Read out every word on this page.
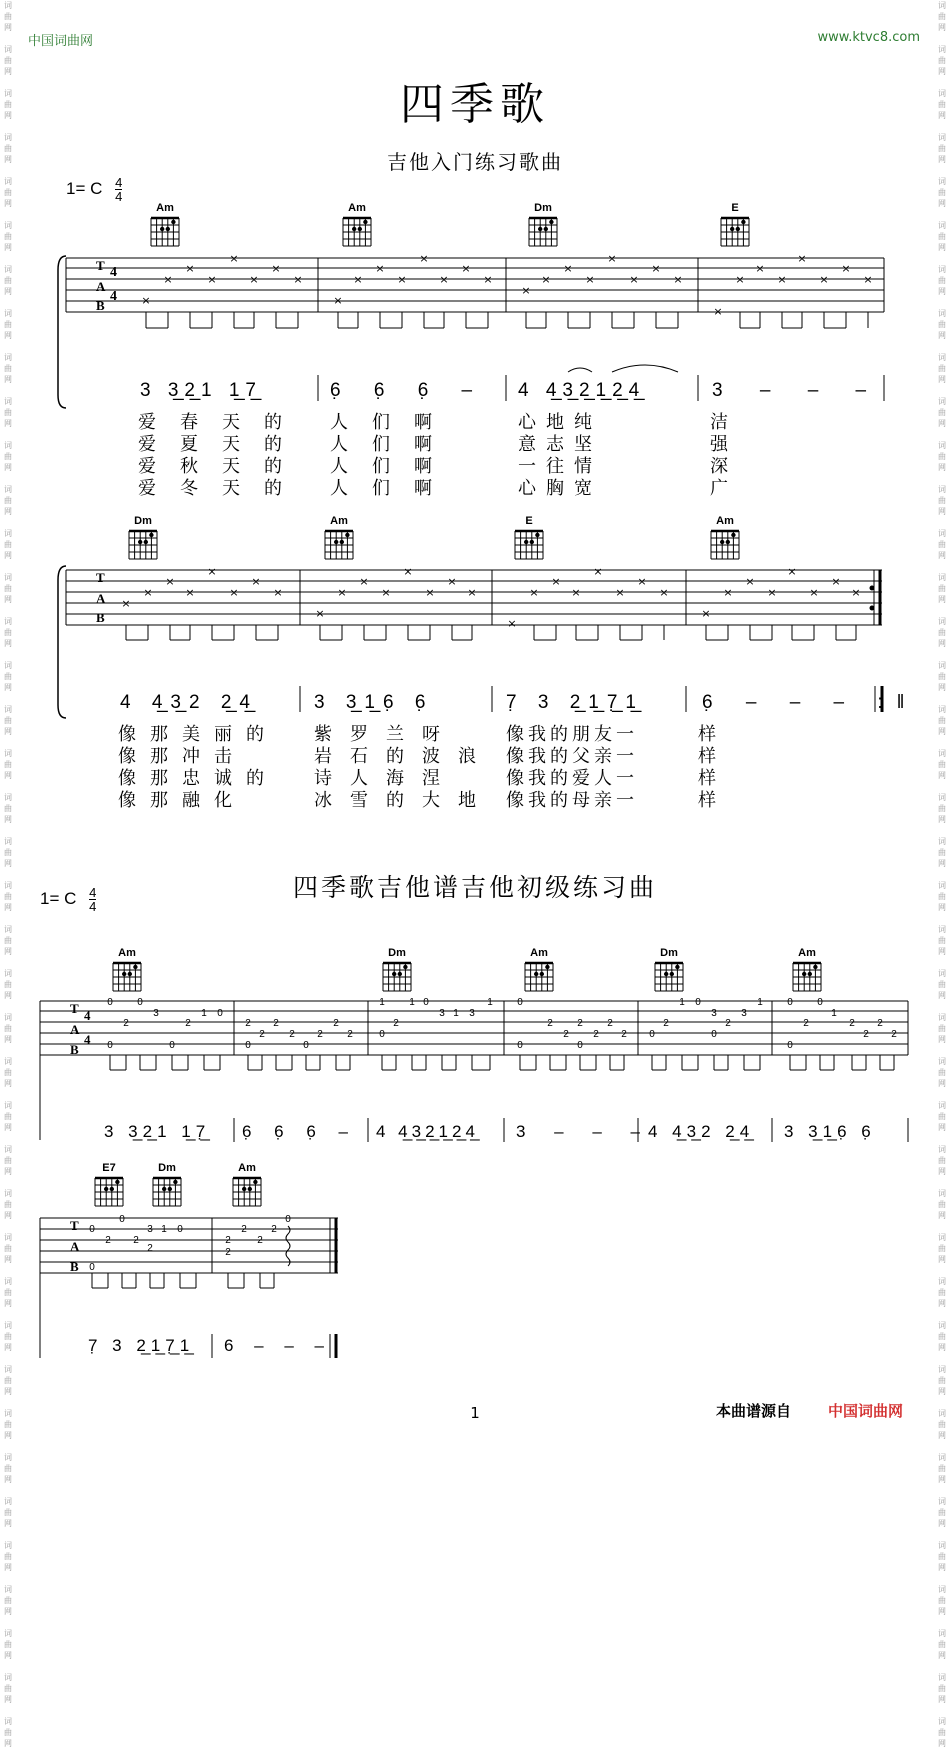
词
曲
网

词
曲
网

词
曲
网

词
曲
网

词
曲
网

词
曲
网

词
曲
网

词
曲
网

词
曲
网

词
曲
网

词
曲
网

词
曲
网

词
曲
网

词
曲
网

词
曲
网

词
曲
网

词
曲
网

词
曲
网

词
曲
网

词
曲
网

词
曲
网

词
曲
网

词
曲
网

词
曲
网

词
曲
网

词
曲
网

词
曲
网

词
曲
网

词
曲
网

词
曲
网

词
曲
网

词
曲
网

词
曲
网

词
曲
网

词
曲
网

词
曲
网

词
曲
网

词
曲
网

词
曲
网

词
曲
网

词
曲
网

词
曲
网

词
曲
网

词
曲
网

词
曲
网

词
曲
网

词
曲
网

词
曲
网

词
曲
网

词
曲
网

词
曲
网

词
曲
网

词
曲
网

词
曲
网

词
曲
网

词
曲
网

词
曲
网

词
曲
网

词
曲
网

词
曲
网

词
曲
网

词
曲
网

词
曲
网

词
曲
网

词
曲
网

词
曲
网

词
曲
网

词
曲
网

词
曲
网

词
曲
网

词
曲
网

词
曲
网

词
曲
网

词
曲
网

词
曲
网

词
曲
网

词
曲
网

词
曲
网

词
曲
网

词
曲
网

中国词曲网	www.ktvc8.com
四季歌
吉他入门练习歌曲
1= C $\frac{4}{4}$
T
A
B
4
4
T
A
B
T
A
B
4
4
T
A
B
×
×
×
×
×
×
×
×
×
×
×
×
×
×
×
×
×
×
×
×
×
×
×
×
×
×
×
×
×
×
×
×
×
×
×
×
×
×
×
×
×
×
×
×
×
×
×
×
×
×
×
×
×
×
×
×
×
×
×
×
×
×
×
×
0 0
2
3
0
2
1 0
0
2
2
2
2
0	0
2
2
2
1
2
1 0
0
3 1 3
1 0
2
2
2
2
0
2
2
0
0
2
1 0
3
2
3
1
0
0
2
0
1
0
2
2
2
2
0
2
0
2
0
3 1 0
2
2
2
2
2
2
0
Am	Am	Dm	E
Dm	Am	E	Am
Am	Dm	Am	Dm	Am
E7	Dm	Am
3 3̲2̲1 1̲7̲	6̣ 6̣ 6̣ – 4 4̲3̲2̲1̲2̲4̲	3 – – –
爱春天的 人们啊	心地纯	洁
爱夏天的 人们啊	意志坚	强
爱秋天的 人们啊	一往情	深
爱冬天的 人们啊	心胸宽	广
4 4̲3̲2 2̲4̲	3 3̲1̲6̣ 6̣	7̣ 3 2̲1̲7̣̲1̲	6̣ – – – :‖
像那美丽的 紫罗兰呀	像我的朋友一	样
像那冲击	岩石的波浪 像我的父亲一	样
像那忠诚的 诗人海涅	像我的爱人一	样
像那融化	冰雪的大地 像我的母亲一	样
四季歌吉他谱吉他初级练习曲
1= C $\frac{4}{4}$
3 3̲2̲1 1̲7̣̲ 6̣ 6̣ 6̣ – 4 4̲3̲2̲1̲2̲4̲ 3 – – –
4 4̲3̲2 2̲4̲ 3 3̲1̲6̣ 6̣
7̣ 3 2̲1̲7̣̲1̲ 6 – – –
1	本曲谱源自 中国词曲网
